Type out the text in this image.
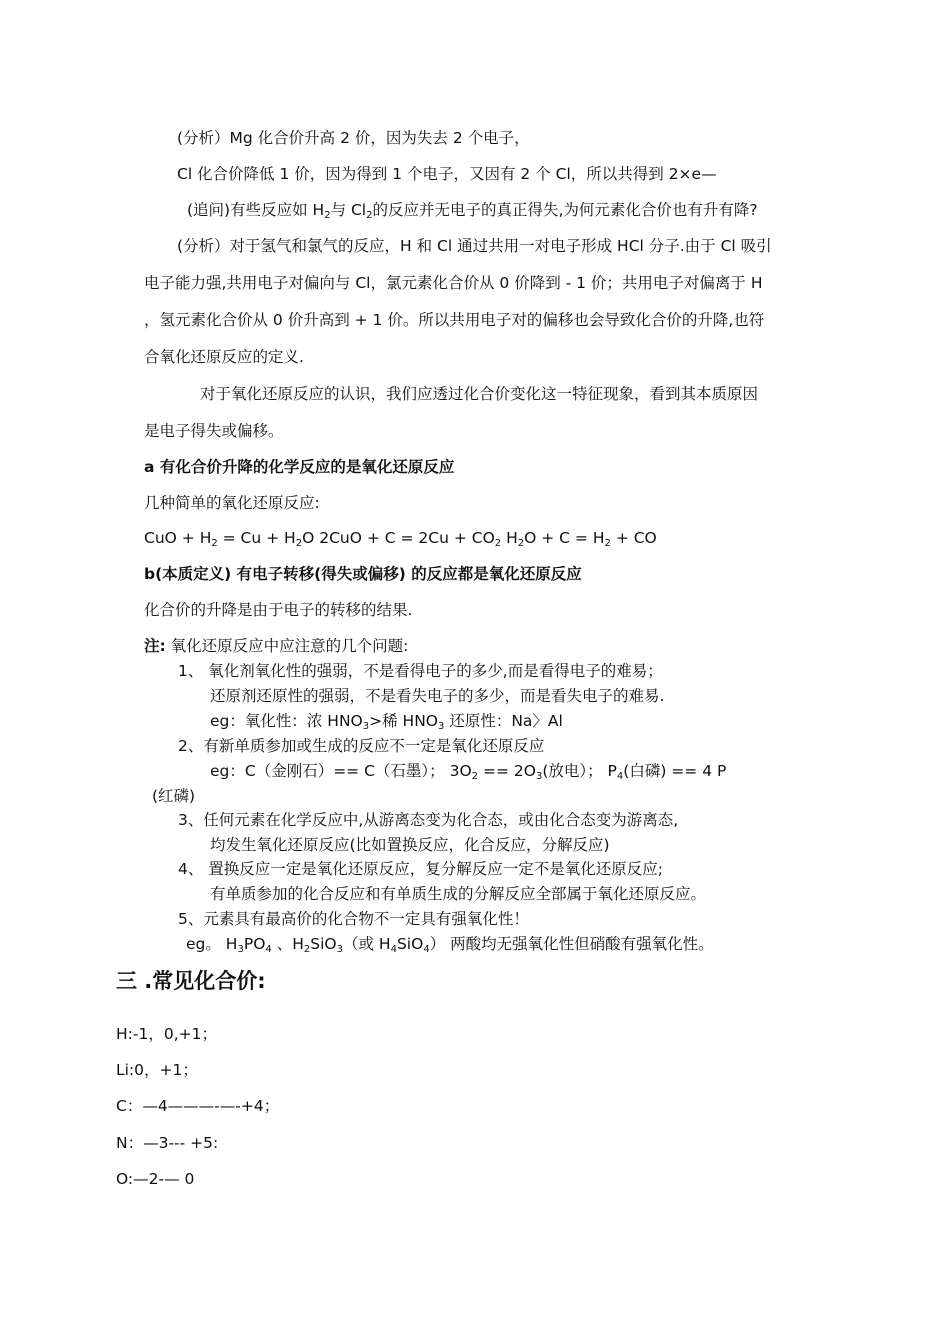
(分析）Mg 化合价升高 2 价，因为失去 2 个电子，
Cl 化合价降低 1 价，因为得到 1 个电子，又因有 2 个 Cl，所以共得到 2×e—
(追问)有些反应如 $H_2$与 $Cl_2$的反应并无电子的真正得失,为何元素化合价也有升有降?
(分析）对于氢气和氯气的反应，H 和 Cl 通过共用一对电子形成 HCl 分子.由于 Cl 吸引
电子能力强,共用电子对偏向与 Cl，氯元素化合价从 0 价降到 - 1 价；共用电子对偏离于 H
，氢元素化合价从 0 价升高到 + 1 价。所以共用电子对的偏移也会导致化合价的升降,也符
合氧化还原反应的定义.
对于氧化还原反应的认识，我们应透过化合价变化这一特征现象，看到其本质原因
是电子得失或偏移。
a 有化合价升降的化学反应的是氧化还原反应
几种简单的氧化还原反应:
CuO + $H_2 = Cu + H_2O$ $2CuO + C = 2Cu + CO_2$ $H_2O + C = H_2$ + CO
b(本质定义) 有电子转移(得失或偏移) 的反应都是氧化还原反应
化合价的升降是由于电子的转移的结果.
注: 氧化还原反应中应注意的几个问题:
1、 氧化剂氧化性的强弱，不是看得电子的多少,而是看得电子的难易；
还原剂还原性的强弱，不是看失电子的多少，而是看失电子的难易.
eg：氧化性：浓 $HNO_3>$稀 $HNO_3$ 还原性：Na〉Al
2、有新单质参加或生成的反应不一定是氧化还原反应
eg：C（金刚石）== C（石墨）； $3O_2 == 2O_3$(放电）； $P_4$(白磷) == 4 P
(红磷)
3、任何元素在化学反应中,从游离态变为化合态，或由化合态变为游离态,
均发生氧化还原反应(比如置换反应，化合反应，分解反应)
4、 置换反应一定是氧化还原反应，复分解反应一定不是氧化还原反应;
有单质参加的化合反应和有单质生成的分解反应全部属于氧化还原反应。
5、元素具有最高价的化合物不一定具有强氧化性！
eg。 $H_3PO_4$ 、$H_2SiO_3$（或 $H_4SiO_4$） 两酸均无强氧化性但硝酸有强氧化性。
三 .常见化合价:
H:-1，0,+1；
Li:0，+1；
C：—4———-—-+4；
N：—3--- +5:
O:—2-— 0
